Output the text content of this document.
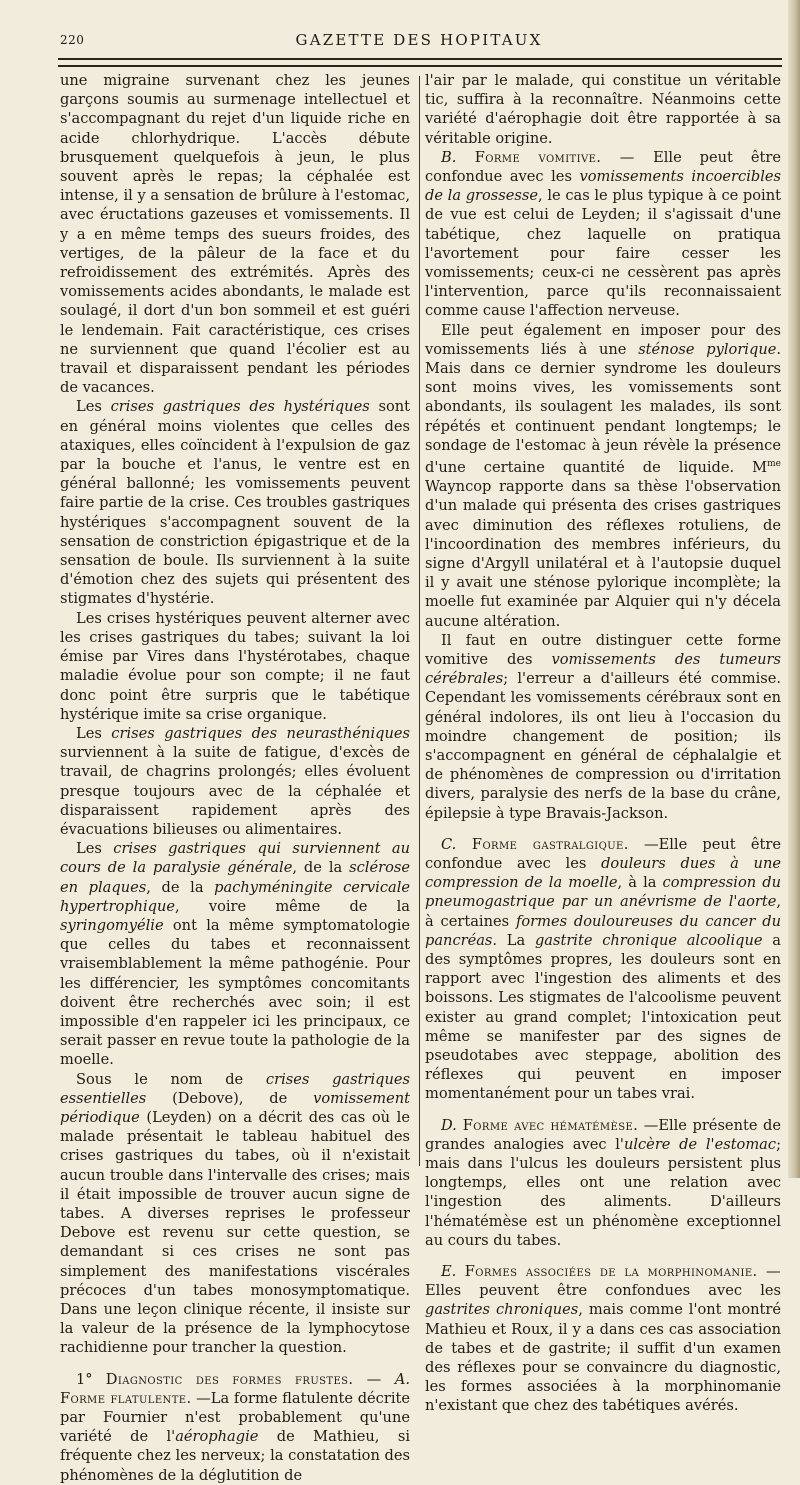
220	GAZETTE DES HOPITAUX

une migraine survenant chez les jeunes garçons soumis au surmenage intellectuel et s'accompagnant du rejet d'un liquide riche en acide chlorhydrique. L'accès débute brusquement quelquefois à jeun, le plus souvent après le repas; la céphalée est intense, il y a sensation de brûlure à l'estomac, avec éructations gazeuses et vomissements. Il y a en même temps des sueurs froides, des vertiges, de la pâleur de la face et du refroidissement des extrémités. Après des vomissements acides abondants, le malade est soulagé, il dort d'un bon sommeil et est guéri le lendemain. Fait caractéristique, ces crises ne surviennent que quand l'écolier est au travail et disparaissent pendant les périodes de vacances.

Les crises gastriques des hystériques sont en général moins violentes que celles des ataxiques, elles coïncident à l'expulsion de gaz par la bouche et l'anus, le ventre est en général ballonné; les vomissements peuvent faire partie de la crise. Ces troubles gastriques hystériques s'accompagnent souvent de la sensation de constriction épigastrique et de la sensation de boule. Ils surviennent à la suite d'émotion chez des sujets qui présentent des stigmates d'hystérie.

Les crises hystériques peuvent alterner avec les crises gastriques du tabes; suivant la loi émise par Vires dans l'hystérotabes, chaque maladie évolue pour son compte; il ne faut donc point être surpris que le tabétique hystérique imite sa crise organique.

Les crises gastriques des neurasthéniques surviennent à la suite de fatigue, d'excès de travail, de chagrins prolongés; elles évoluent presque toujours avec de la céphalée et disparaissent rapidement après des évacuations bilieuses ou alimentaires.

Les crises gastriques qui surviennent au cours de la paralysie générale, de la sclérose en plaques, de la pachyméningite cervicale hypertrophique, voire même de la syringomyélie ont la même symptomatologie que celles du tabes et reconnaissent vraisemblablement la même pathogénie. Pour les différencier, les symptômes concomitants doivent être recherchés avec soin; il est impossible d'en rappeler ici les principaux, ce serait passer en revue toute la pathologie de la moelle.

Sous le nom de crises gastriques essentielles (Debove), de vomissement périodique (Leyden) on a décrit des cas où le malade présentait le tableau habituel des crises gastriques du tabes, où il n'existait aucun trouble dans l'intervalle des crises; mais il était impossible de trouver aucun signe de tabes. A diverses reprises le professeur Debove est revenu sur cette question, se demandant si ces crises ne sont pas simplement des manifestations viscérales précoces d'un tabes monosymptomatique. Dans une leçon clinique récente, il insiste sur la valeur de la présence de la lymphocytose rachidienne pour trancher la question.

1° Diagnostic des formes frustes. — A. Forme flatulente. —La forme flatulente décrite par Fournier n'est probablement qu'une variété de l'aérophagie de Mathieu, si fréquente chez les nerveux; la constatation des phénomènes de la déglutition de

l'air par le malade, qui constitue un véritable tic, suffira à la reconnaître. Néanmoins cette variété d'aérophagie doit être rapportée à sa véritable origine.

B. Forme vomitive. — Elle peut être confondue avec les vomissements incoercibles de la grossesse, le cas le plus typique à ce point de vue est celui de Leyden; il s'agissait d'une tabétique, chez laquelle on pratiqua l'avortement pour faire cesser les vomissements; ceux-ci ne cessèrent pas après l'intervention, parce qu'ils reconnaissaient comme cause l'affection nerveuse.

Elle peut également en imposer pour des vomissements liés à une sténose pylorique. Mais dans ce dernier syndrome les douleurs sont moins vives, les vomissements sont abondants, ils soulagent les malades, ils sont répétés et continuent pendant longtemps; le sondage de l'estomac à jeun révèle la présence d'une certaine quantité de liquide. $M^{me}$ Wayncop rapporte dans sa thèse l'observation d'un malade qui présenta des crises gastriques avec diminution des réflexes rotuliens, de l'incoordination des membres inférieurs, du signe d'Argyll unilatéral et à l'autopsie duquel il y avait une sténose pylorique incomplète; la moelle fut examinée par Alquier qui n'y décela aucune altération.

Il faut en outre distinguer cette forme vomitive des vomissements des tumeurs cérébrales; l'erreur a d'ailleurs été commise. Cependant les vomissements cérébraux sont en général indolores, ils ont lieu à l'occasion du moindre changement de position; ils s'accompagnent en général de céphalalgie et de phénomènes de compression ou d'irritation divers, paralysie des nerfs de la base du crâne, épilepsie à type Bravais-Jackson.

C. Forme gastralgique. —Elle peut être confondue avec les douleurs dues à une compression de la moelle, à la compression du pneumogastrique par un anévrisme de l'aorte, à certaines formes douloureuses du cancer du pancréas. La gastrite chronique alcoolique a des symptômes propres, les douleurs sont en rapport avec l'ingestion des aliments et des boissons. Les stigmates de l'alcoolisme peuvent exister au grand complet; l'intoxication peut même se manifester par des signes de pseudotabes avec steppage, abolition des réflexes qui peuvent en imposer momentanément pour un tabes vrai.

D. Forme avec hématémèse. —Elle présente de grandes analogies avec l'ulcère de l'estomac; mais dans l'ulcus les douleurs persistent plus longtemps, elles ont une relation avec l'ingestion des aliments. D'ailleurs l'hématémèse est un phénomène exceptionnel au cours du tabes.

E. Formes associées de la morphinomanie. — Elles peuvent être confondues avec les gastrites chroniques, mais comme l'ont montré Mathieu et Roux, il y a dans ces cas association de tabes et de gastrite; il suffit d'un examen des réflexes pour se convaincre du diagnostic, les formes associées à la morphinomanie n'existant que chez des tabétiques avérés.
